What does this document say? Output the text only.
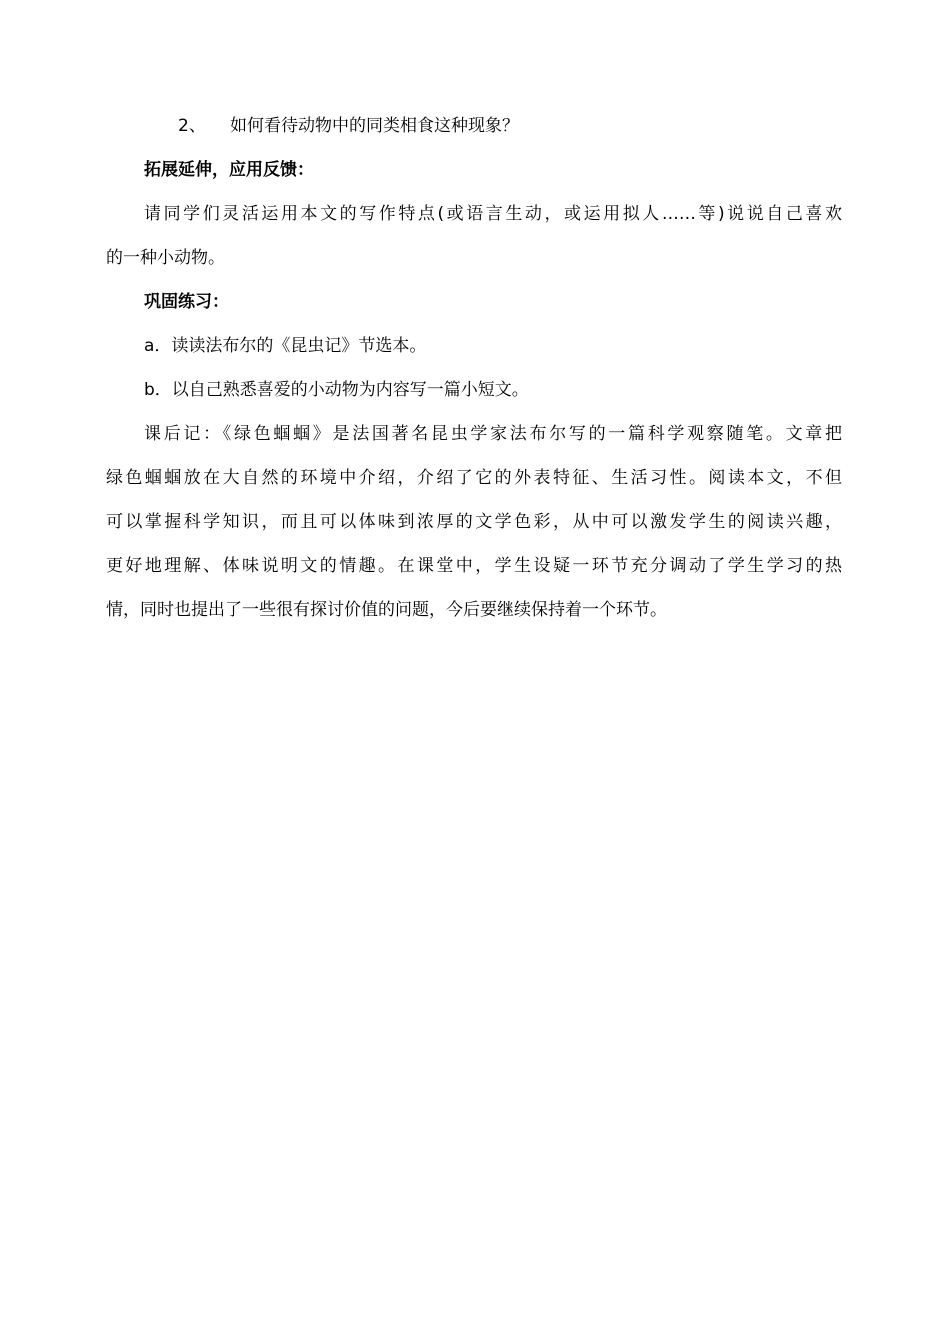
2、 如何看待动物中的同类相食这种现象？
拓展延伸，应用反馈：
请同学们灵活运用本文的写作特点(或语言生动，或运用拟人……等)说说自己喜欢
的一种小动物。
巩固练习：
a．读读法布尔的《昆虫记》节选本。
b．以自己熟悉喜爱的小动物为内容写一篇小短文。
课后记：《绿色蝈蝈》是法国著名昆虫学家法布尔写的一篇科学观察随笔。文章把
绿色蝈蝈放在大自然的环境中介绍，介绍了它的外表特征、生活习性。阅读本文，不但
可以掌握科学知识，而且可以体味到浓厚的文学色彩，从中可以激发学生的阅读兴趣，
更好地理解、体味说明文的情趣。在课堂中，学生设疑一环节充分调动了学生学习的热
情，同时也提出了一些很有探讨价值的问题，今后要继续保持着一个环节。
